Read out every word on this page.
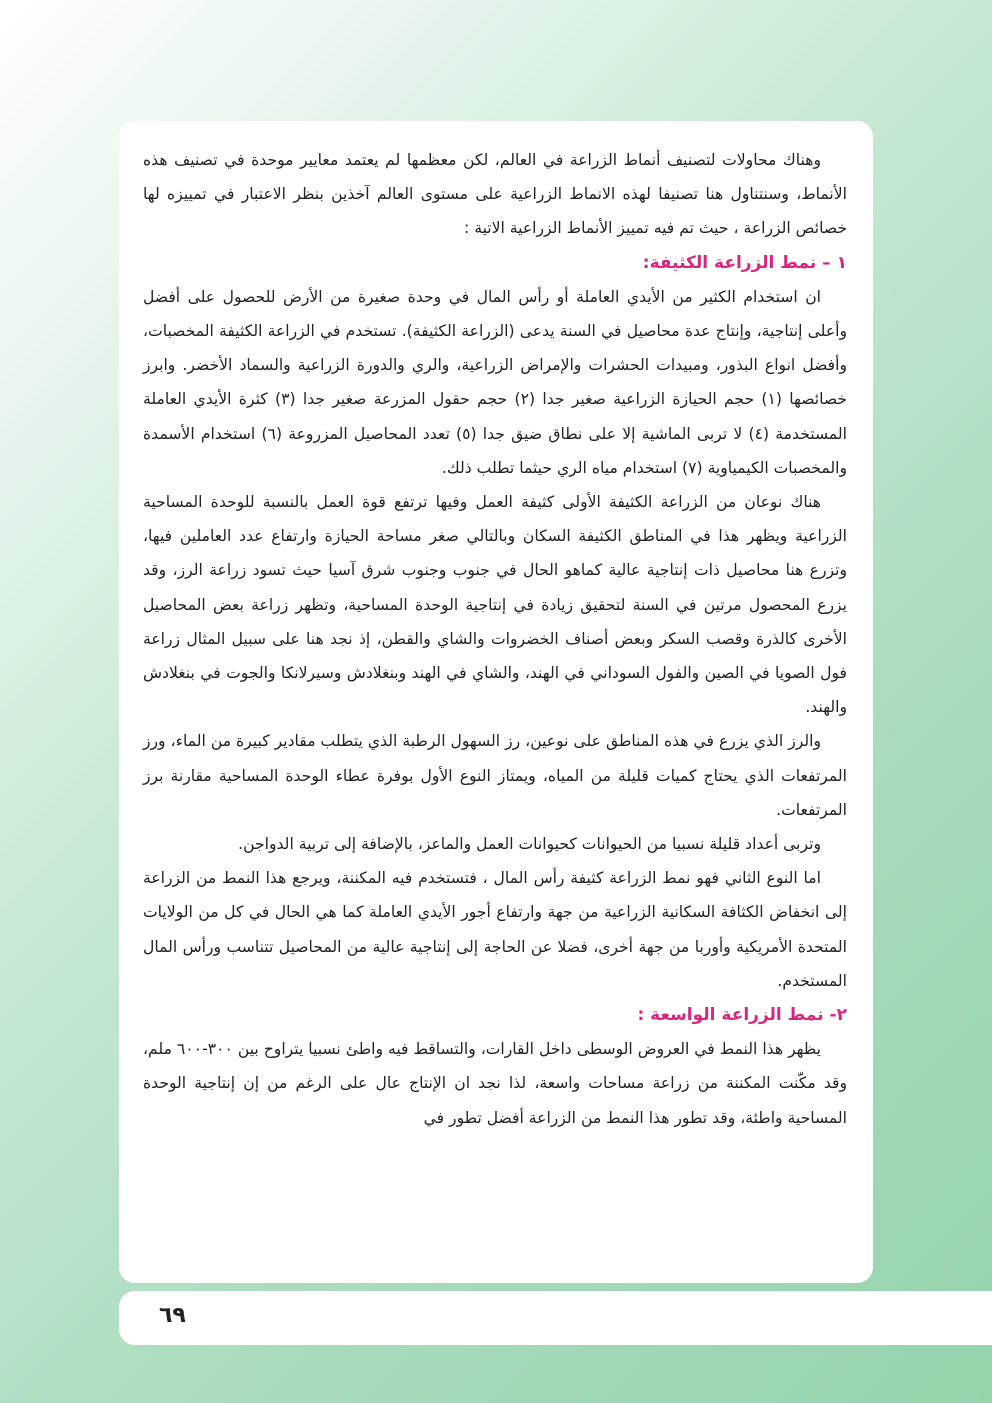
وهناك محاولات لتصنيف أنماط الزراعة في العالم، لكن معظمها لم يعتمد معايير موحدة في تصنيف هذه الأنماط، وسنتناول هنا تصنيفا لهذه الانماط الزراعية على مستوى العالم آخذين بنظر الاعتبار في تمييزه لها خصائص الزراعة ، حيث تم فيه تمييز الأنماط الزراعية الاتية :

١ – نمط الزراعة الكثيفة:

ان استخدام الكثير من الأيدي العاملة أو رأس المال في وحدة صغيرة من الأرض للحصول على أفضل وأعلى إنتاجية، وإنتاج عدة محاصيل في السنة يدعى (الزراعة الكثيفة). تستخدم في الزراعة الكثيفة المخصبات، وأفضل انواع البذور، ومبيدات الحشرات والإمراض الزراعية، والري والدورة الزراعية والسماد الأخضر. وابرز خصائصها (١) حجم الحيازة الزراعية صغير جدا (٢) حجم حقول المزرعة صغير جدا (٣) كثرة الأيدي العاملة المستخدمة (٤) لا تربى الماشية إلا على نطاق ضيق جدا (٥) تعدد المحاصيل المزروعة (٦) استخدام الأسمدة والمخصبات الكيمياوية (٧) استخدام مياه الري حيثما تطلب ذلك.

هناك نوعان من الزراعة الكثيفة الأولى كثيفة العمل وفيها ترتفع قوة العمل بالنسبة للوحدة المساحية الزراعية ويظهر هذا في المناطق الكثيفة السكان وبالتالي صغر مساحة الحيازة وارتفاع عدد العاملين فيها، وتزرع هنا محاصيل ذات إنتاجية عالية كماهو الحال في جنوب وجنوب شرق آسيا حيث تسود زراعة الرز، وقد يزرع المحصول مرتين في السنة لتحقيق زيادة في إنتاجية الوحدة المساحية، وتظهر زراعة بعض المحاصيل الأخرى كالذرة وقصب السكر وبعض أصناف الخضروات والشاي والقطن، إذ نجد هنا على سبيل المثال زراعة فول الصويا في الصين والفول السوداني في الهند، والشاي في الهند وبنغلادش وسيرلانكا والجوت في بنغلادش والهند.

والرز الذي يزرع في هذه المناطق على نوعين، رز السهول الرطبة الذي يتطلب مقادير كبيرة من الماء، ورز المرتفعات الذي يحتاج كميات قليلة من المياه، ويمتاز النوع الأول بوفرة عطاء الوحدة المساحية مقارنة برز المرتفعات.

وتربى أعداد قليلة نسبيا من الحيوانات كحيوانات العمل والماعز، بالإضافة إلى تربية الدواجن.

اما النوع الثاني فهو نمط الزراعة كثيفة رأس المال ، فتستخدم فيه المكننة، ويرجع هذا النمط من الزراعة إلى انخفاض الكثافة السكانية الزراعية من جهة وارتفاع أجور الأيدي العاملة كما هي الحال في كل من الولايات المتحدة الأمريكية وأوربا من جهة أخرى، فضلا عن الحاجة إلى إنتاجية عالية من المحاصيل تتناسب ورأس المال المستخدم.

٢- نمط الزراعة الواسعة :

يظهر هذا النمط في العروض الوسطى داخل القارات، والتساقط فيه واطئ نسبيا يتراوح بين ٣٠٠-٦٠٠ ملم، وقد مكّنت المكننة من زراعة مساحات واسعة، لذا نجد ان الإنتاج عال على الرغم من إن إنتاجية الوحدة المساحية واطئة، وقد تطور هذا النمط من الزراعة أفضل تطور في

٦٩
